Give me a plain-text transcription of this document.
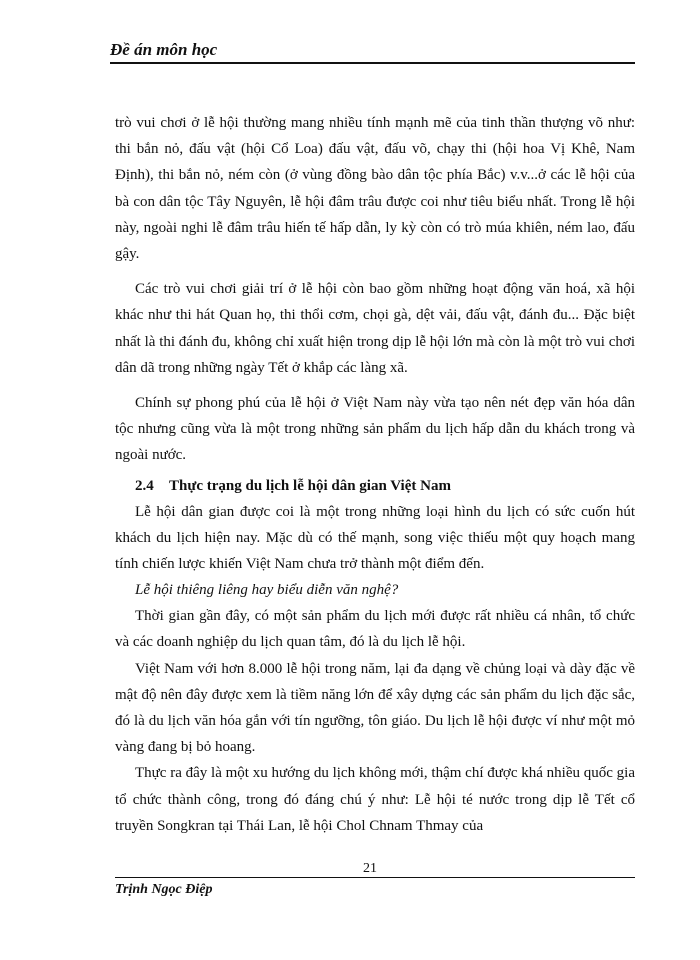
Đề án môn học

trò vui chơi ở lễ hội thường mang nhiều tính mạnh mẽ của tinh thần thượng võ như: thi bắn nỏ, đấu vật (hội Cổ Loa) đấu vật, đấu võ, chạy thi (hội hoa Vị Khê, Nam Định), thi bắn nỏ, ném còn (ở vùng đồng bào dân tộc phía Bắc) v.v...ở các lễ hội của bà con dân tộc Tây Nguyên, lễ hội đâm trâu được coi như tiêu biểu nhất. Trong lễ hội này, ngoài nghi lễ đâm trâu hiến tế hấp dẫn, ly kỳ còn có trò múa khiên, ném lao, đấu gậy.

Các trò vui chơi giải trí ở lễ hội còn bao gồm những hoạt động văn hoá, xã hội khác như thi hát Quan họ, thi thổi cơm, chọi gà, dệt vải, đấu vật, đánh đu... Đặc biệt nhất là thi đánh đu, không chỉ xuất hiện trong dịp lễ hội lớn mà còn là một trò vui chơi dân dã trong những ngày Tết ở khắp các làng xã.

Chính sự phong phú của lễ hội ở Việt Nam này vừa tạo nên nét đẹp văn hóa dân tộc nhưng cũng vừa là một trong những sản phẩm du lịch hấp dẫn du khách trong và ngoài nước.

2.4 Thực trạng du lịch lễ hội dân gian Việt Nam

Lễ hội dân gian được coi là một trong những loại hình du lịch có sức cuốn hút khách du lịch hiện nay. Mặc dù có thế mạnh, song việc thiếu một quy hoạch mang tính chiến lược khiến Việt Nam chưa trở thành một điểm đến.

Lễ hội thiêng liêng hay biểu diễn văn nghệ?

Thời gian gần đây, có một sản phẩm du lịch mới được rất nhiều cá nhân, tổ chức và các doanh nghiệp du lịch quan tâm, đó là du lịch lễ hội.

Việt Nam với hơn 8.000 lễ hội trong năm, lại đa dạng về chủng loại và dày đặc về mật độ nên đây được xem là tiềm năng lớn để xây dựng các sản phẩm du lịch đặc sắc, đó là du lịch văn hóa gắn với tín ngưỡng, tôn giáo. Du lịch lễ hội được ví như một mỏ vàng đang bị bỏ hoang.

Thực ra đây là một xu hướng du lịch không mới, thậm chí được khá nhiều quốc gia tổ chức thành công, trong đó đáng chú ý như: Lễ hội té nước trong dịp lễ Tết cổ truyền Songkran tại Thái Lan, lễ hội Chol Chnam Thmay của

21
Trịnh Ngọc Điệp
